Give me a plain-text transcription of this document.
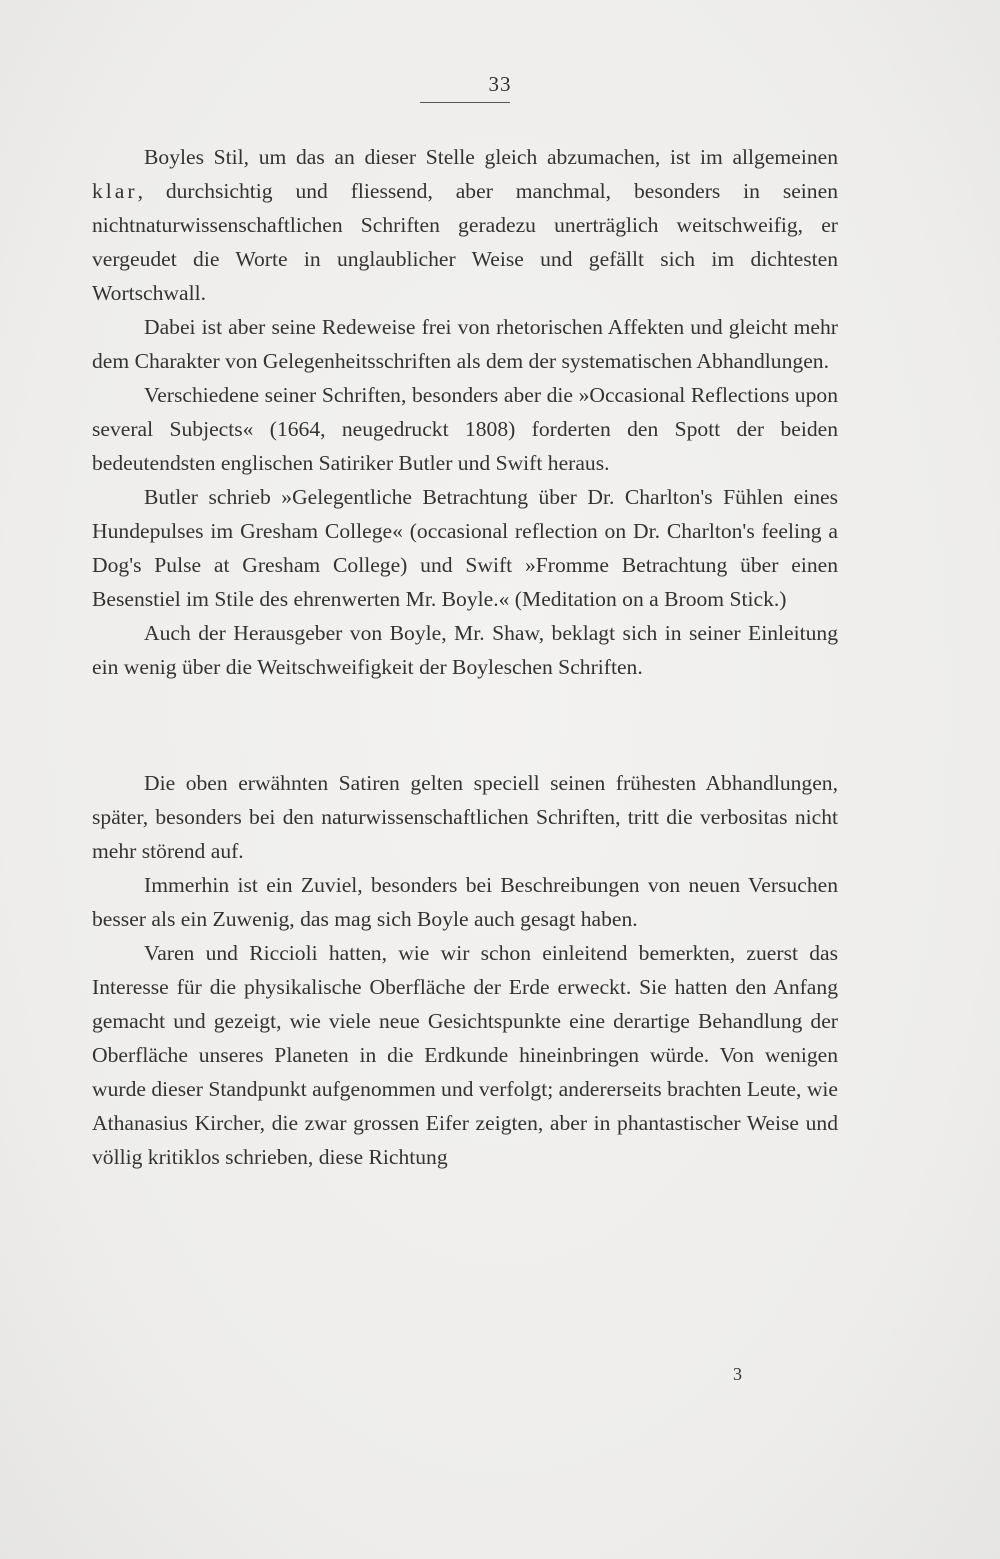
33

Boyles Stil, um das an dieser Stelle gleich abzumachen, ist im allgemeinen klar, durchsichtig und fliessend, aber manchmal, besonders in seinen nichtnaturwissenschaftlichen Schriften geradezu unerträglich weitschweifig, er vergeudet die Worte in unglaublicher Weise und gefällt sich im dichtesten Wortschwall.

Dabei ist aber seine Redeweise frei von rhetorischen Affekten und gleicht mehr dem Charakter von Gelegenheitsschriften als dem der systematischen Abhandlungen.

Verschiedene seiner Schriften, besonders aber die »Occasional Reflections upon several Subjects« (1664, neugedruckt 1808) forderten den Spott der beiden bedeutendsten englischen Satiriker Butler und Swift heraus.

Butler schrieb »Gelegentliche Betrachtung über Dr. Charlton's Fühlen eines Hundepulses im Gresham College« (occasional reflection on Dr. Charlton's feeling a Dog's Pulse at Gresham College) und Swift »Fromme Betrachtung über einen Besenstiel im Stile des ehrenwerten Mr. Boyle.« (Meditation on a Broom Stick.)

Auch der Herausgeber von Boyle, Mr. Shaw, beklagt sich in seiner Einleitung ein wenig über die Weitschweifigkeit der Boyleschen Schriften.

Die oben erwähnten Satiren gelten speciell seinen frühesten Abhandlungen, später, besonders bei den naturwissenschaftlichen Schriften, tritt die verbositas nicht mehr störend auf.

Immerhin ist ein Zuviel, besonders bei Beschreibungen von neuen Versuchen besser als ein Zuwenig, das mag sich Boyle auch gesagt haben.

Varen und Riccioli hatten, wie wir schon einleitend bemerkten, zuerst das Interesse für die physikalische Oberfläche der Erde erweckt. Sie hatten den Anfang gemacht und gezeigt, wie viele neue Gesichtspunkte eine derartige Behandlung der Oberfläche unseres Planeten in die Erdkunde hineinbringen würde. Von wenigen wurde dieser Standpunkt aufgenommen und verfolgt; andererseits brachten Leute, wie Athanasius Kircher, die zwar grossen Eifer zeigten, aber in phantastischer Weise und völlig kritiklos schrieben, diese Richtung

3
